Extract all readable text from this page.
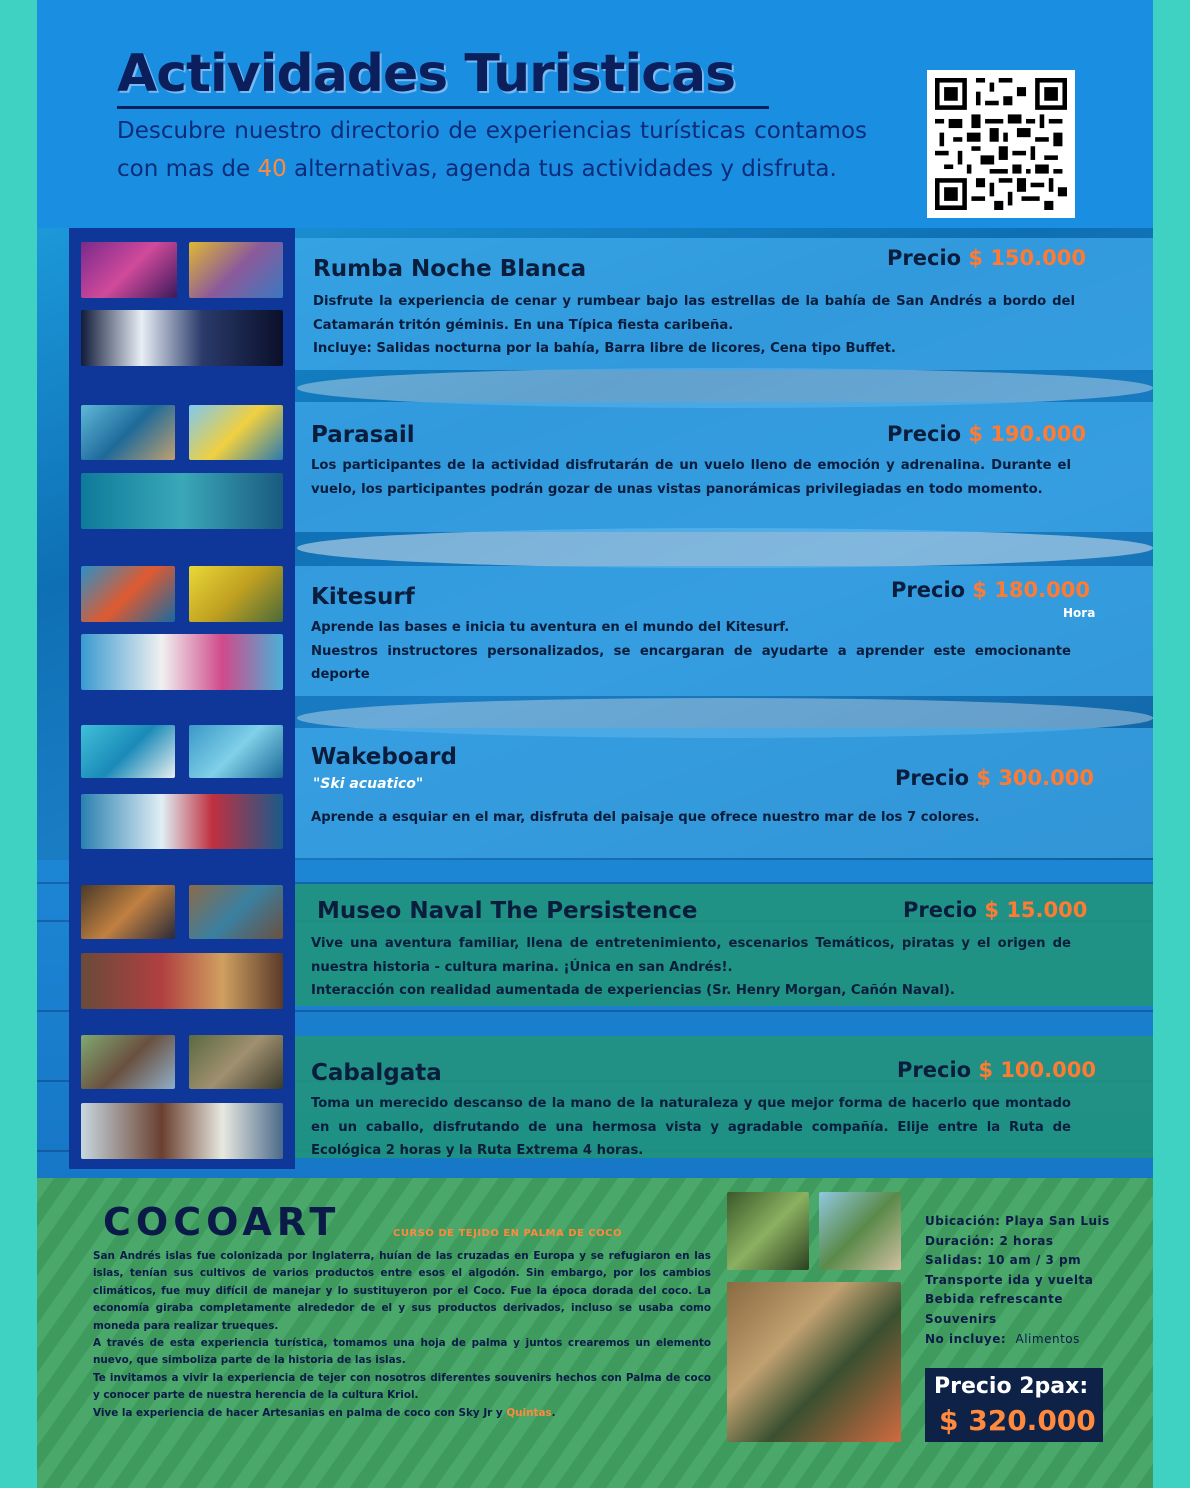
Actividades Turisticas

Descubre nuestro directorio de experiencias turísticas contamos con mas de 40 alternativas, agenda tus actividades y disfruta.

Rumba Noche Blanca	Precio $ 150.000
Disfrute la experiencia de cenar y rumbear bajo las estrellas de la bahía de San Andrés a bordo del Catamarán tritón géminis. En una Típica fiesta caribeña.
Incluye: Salidas nocturna por la bahía, Barra libre de licores, Cena tipo Buffet.
Parasail	Precio $ 190.000
Los participantes de la actividad disfrutarán de un vuelo lleno de emoción y adrenalina. Durante el vuelo, los participantes podrán gozar de unas vistas panorámicas privilegiadas en todo momento.
Kitesurf	Precio $ 180.000
Hora
Aprende las bases e inicia tu aventura en el mundo del Kitesurf.
Nuestros instructores personalizados, se encargaran de ayudarte a aprender este emocionante deporte
Wakeboard
"Ski acuatico"	Precio $ 300.000
Aprende a esquiar en el mar, disfruta del paisaje que ofrece nuestro mar de los 7 colores.
Museo Naval The Persistence	Precio $ 15.000
Vive una aventura familiar, llena de entretenimiento, escenarios Temáticos, piratas y el origen de nuestra historia - cultura marina. ¡Única en san Andrés!.
Interacción con realidad aumentada de experiencias (Sr. Henry Morgan, Cañón Naval).
Cabalgata	Precio $ 100.000
Toma un merecido descanso de la mano de la naturaleza y que mejor forma de hacerlo que montado en un caballo, disfrutando de una hermosa vista y agradable compañía. Elije entre la Ruta de Ecológica 2 horas y la Ruta Extrema 4 horas.
COCOART	CURSO DE TEJIDO EN PALMA DE COCO

San Andrés islas fue colonizada por Inglaterra, huían de las cruzadas en Europa y se refugiaron en las islas, tenían sus cultivos de varios productos entre esos el algodón. Sin embargo, por los cambios climáticos, fue muy difícil de manejar y lo sustituyeron por el Coco. Fue la época dorada del coco. La economía giraba completamente alrededor de el y sus productos derivados, incluso se usaba como moneda para realizar trueques.
A través de esta experiencia turística, tomamos una hoja de palma y juntos crearemos un elemento nuevo, que simboliza parte de la historia de las islas.
Te invitamos a vivir la experiencia de tejer con nosotros diferentes souvenirs hechos con Palma de coco y conocer parte de nuestra herencia de la cultura Kriol.
Vive la experiencia de hacer Artesanias en palma de coco con Sky Jr y Quintas.

Ubicación: Playa San Luis
Duración: 2 horas
Salidas: 10 am / 3 pm
Transporte ida y vuelta
Bebida refrescante
Souvenirs
No incluye: Alimentos
Precio 2pax:
$ 320.000
